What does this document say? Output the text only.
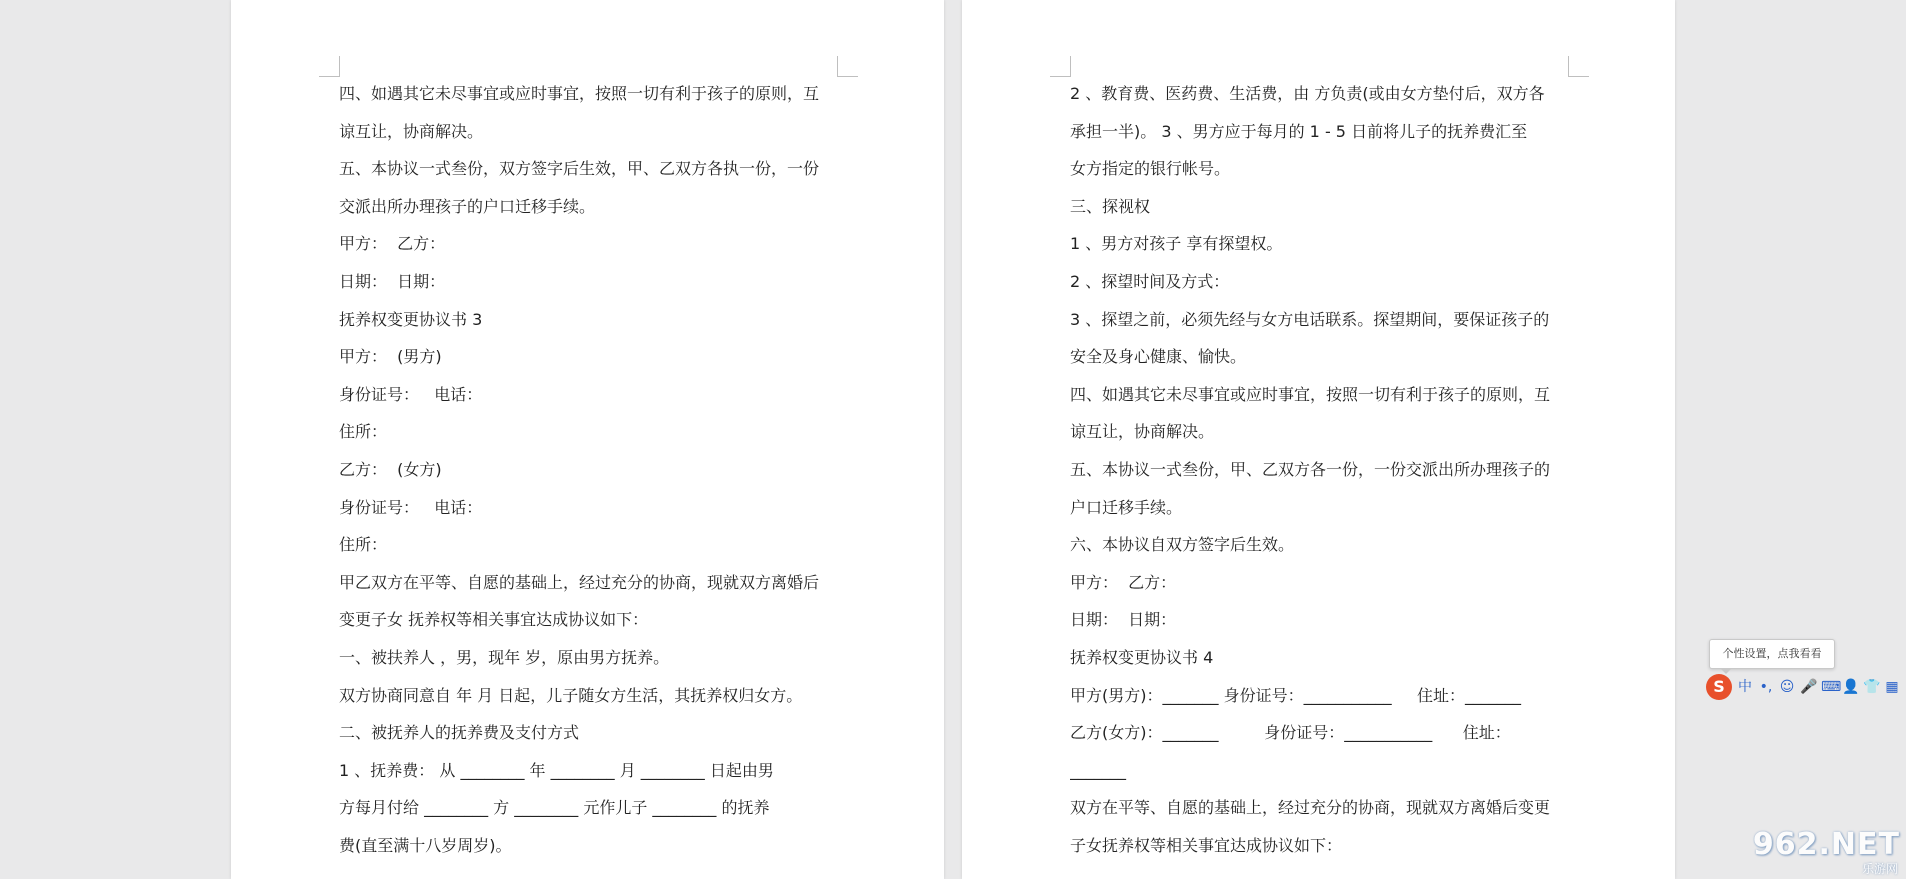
四、如遇其它未尽事宜或应时事宜，按照一切有利于孩子的原则，互
谅互让，协商解决。
五、本协议一式叁份，双方签字后生效，甲、乙双方各执一份，一份
交派出所办理孩子的户口迁移手续。
甲方：  乙方：
日期：  日期：
抚养权变更协议书 3
甲方：  (男方)
身份证号：   电话：
住所：
乙方：  (女方)
身份证号：   电话：
住所：
甲乙双方在平等、自愿的基础上，经过充分的协商，现就双方离婚后
变更子女 抚养权等相关事宜达成协议如下：
一、被扶养人 ，男，现年 岁，原由男方抚养。
双方协商同意自 年 月 日起，儿子随女方生活，其抚养权归女方。
二、被抚养人的抚养费及支付方式
1 、抚养费： 从 ________ 年 ________ 月 ________ 日起由男
方每月付给 ________ 方 ________ 元作儿子 ________ 的抚养
费(直至满十八岁周岁)。
2 、教育费、医药费、生活费，由 方负责(或由女方垫付后，双方各
承担一半)。 3 、男方应于每月的 1 - 5 日前将儿子的抚养费汇至
女方指定的银行帐号。
三、探视权
1 、男方对孩子 享有探望权。
2 、探望时间及方式：
3 、探望之前，必须先经与女方电话联系。探望期间，要保证孩子的
安全及身心健康、愉快。
四、如遇其它未尽事宜或应时事宜，按照一切有利于孩子的原则，互
谅互让，协商解决。
五、本协议一式叁份，甲、乙双方各一份，一份交派出所办理孩子的
户口迁移手续。
六、本协议自双方签字后生效。
甲方：  乙方：
日期：  日期：
抚养权变更协议书 4
甲方(男方)：_______ 身份证号：___________     住址：_______
乙方(女方)：_______         身份证号：___________      住址：
_______
双方在平等、自愿的基础上，经过充分的协商，现就双方离婚后变更
子女抚养权等相关事宜达成协议如下：
个性设置，点我看看
S 中 •, ☺ 🎤 ⌨ 👤 👕 ▦
962.NET
乐游网
